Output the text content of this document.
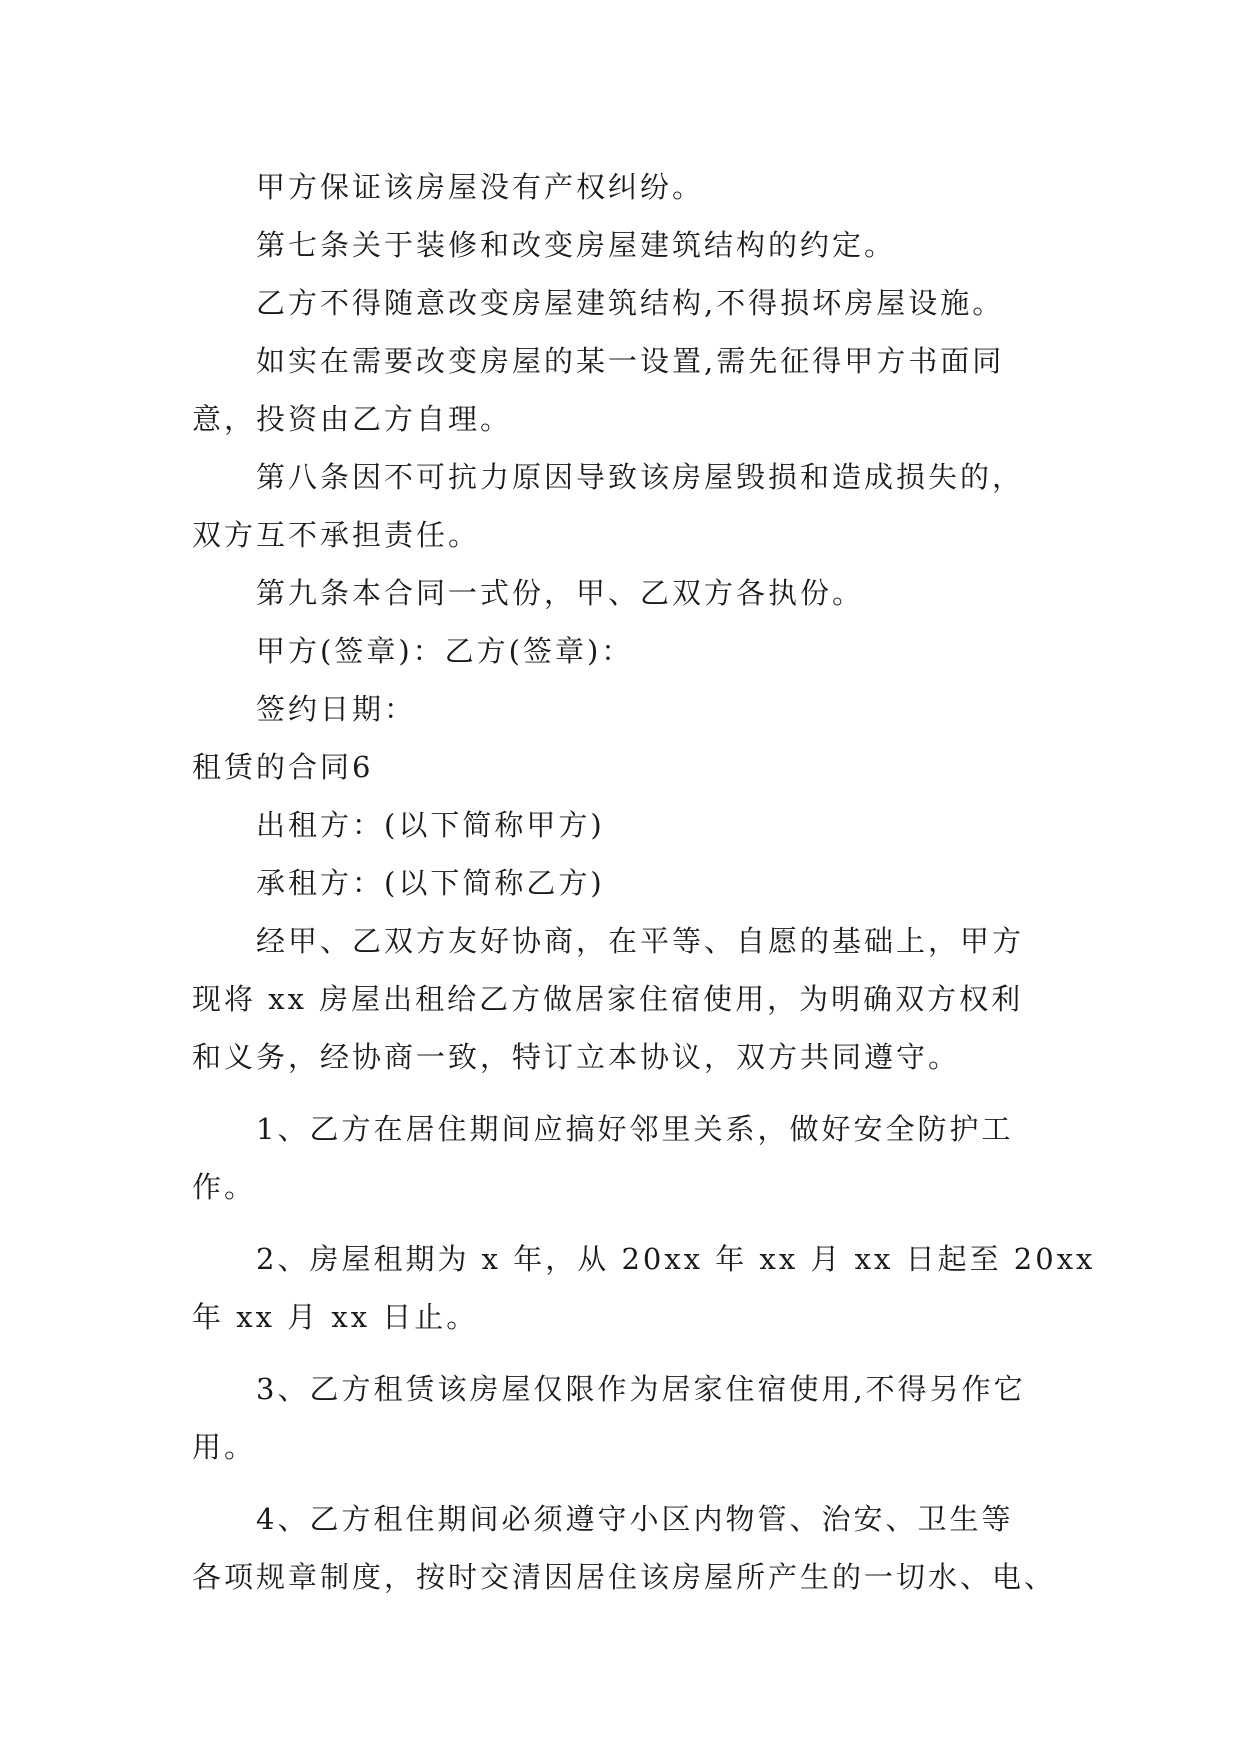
甲方保证该房屋没有产权纠纷。

第七条关于装修和改变房屋建筑结构的约定。

乙方不得随意改变房屋建筑结构,不得损坏房屋设施。

如实在需要改变房屋的某一设置,需先征得甲方书面同

意，投资由乙方自理。

第八条因不可抗力原因导致该房屋毁损和造成损失的，

双方互不承担责任。

第九条本合同一式份，甲、乙双方各执份。

甲方(签章)：乙方(签章)：

签约日期：

租赁的合同6

出租方：(以下简称甲方)

承租方：(以下简称乙方)

经甲、乙双方友好协商，在平等、自愿的基础上，甲方

现将 xx 房屋出租给乙方做居家住宿使用，为明确双方权利

和义务，经协商一致，特订立本协议，双方共同遵守。

1、乙方在居住期间应搞好邻里关系，做好安全防护工

作。

2、房屋租期为 x 年，从 20xx 年 xx 月 xx 日起至 20xx

年 xx 月 xx 日止。

3、乙方租赁该房屋仅限作为居家住宿使用,不得另作它

用。

4、乙方租住期间必须遵守小区内物管、治安、卫生等

各项规章制度，按时交清因居住该房屋所产生的一切水、电、
